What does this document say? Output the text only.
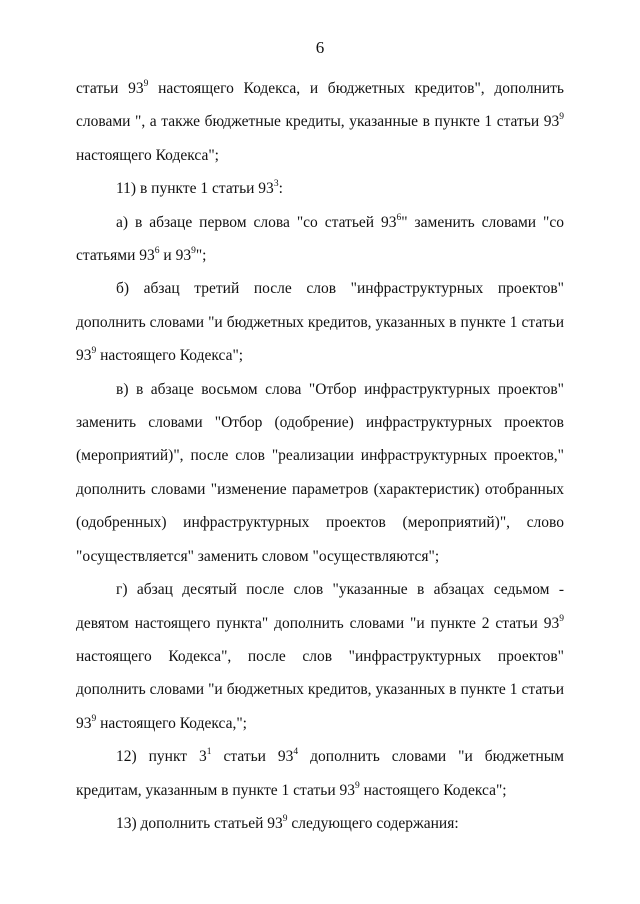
6

статьи $93^9$ настоящего Кодекса, и бюджетных кредитов", дополнить словами ", а также бюджетные кредиты, указанные в пункте 1 статьи $93^9$ настоящего Кодекса";

11) в пункте 1 статьи $93^3$:

а) в абзаце первом слова "со статьей $93^6$" заменить словами "со статьями $93^6$ и $93^9$";

б) абзац третий после слов "инфраструктурных проектов" дополнить словами "и бюджетных кредитов, указанных в пункте 1 статьи $93^9$ настоящего Кодекса";

в) в абзаце восьмом слова "Отбор инфраструктурных проектов" заменить словами "Отбор (одобрение) инфраструктурных проектов (мероприятий)", после слов "реализации инфраструктурных проектов," дополнить словами "изменение параметров (характеристик) отобранных (одобренных) инфраструктурных проектов (мероприятий)", слово "осуществляется" заменить словом "осуществляются";

г) абзац десятый после слов "указанные в абзацах седьмом - девятом настоящего пункта" дополнить словами "и пункте 2 статьи $93^9$ настоящего Кодекса", после слов "инфраструктурных проектов" дополнить словами "и бюджетных кредитов, указанных в пункте 1 статьи $93^9$ настоящего Кодекса,";

12) пункт $3^1$ статьи $93^4$ дополнить словами "и бюджетным кредитам, указанным в пункте 1 статьи $93^9$ настоящего Кодекса";

13) дополнить статьей $93^9$ следующего содержания:
